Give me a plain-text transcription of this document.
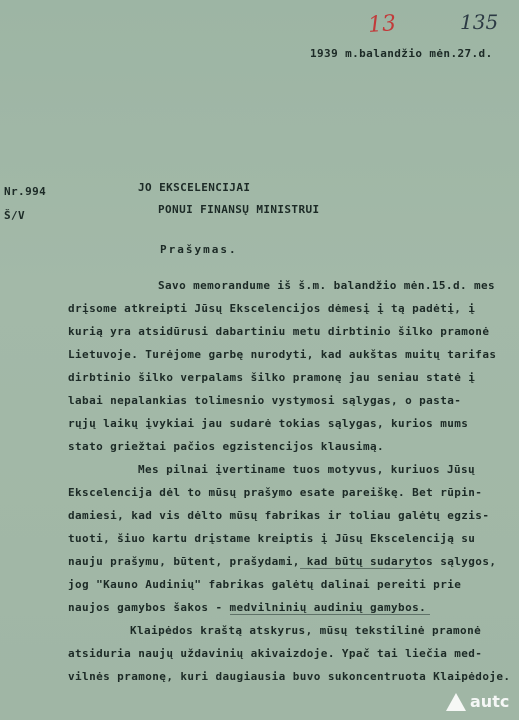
13	135
1939 m.balandžio mėn.27.d.
Nr.994
Š/V
JO EKSCELENCIJAI
PONUI FINANSŲ MINISTRUI
Prašymas.
Savo memorandume iš š.m. balandžio mėn.15.d. mes
drįsome atkreipti Jūsų Ekscelencijos dėmesį į tą padėtį, į
kurią yra atsidūrusi dabartiniu metu dirbtinio šilko pramonė
Lietuvoje. Turėjome garbę nurodyti, kad aukštas muitų tarifas
dirbtinio šilko verpalams šilko pramonę jau seniau statė į
labai nepalankias tolimesnio vystymosi sąlygas, o pasta-
rųjų laikų įvykiai jau sudarė tokias sąlygas, kurios mums
stato griežtai pačios egzistencijos klausimą.
Mes pilnai įvertiname tuos motyvus, kuriuos Jūsų
Ekscelencija dėl to mūsų prašymo esate pareiškę. Bet rūpin-
damiesi, kad vis dėlto mūsų fabrikas ir toliau galėtų egzis-
tuoti, šiuo kartu drįstame kreiptis į Jūsų Ekscelenciją su
nauju prašymu, būtent, prašydami, kad būtų sudarytos sąlygos,
jog "Kauno Audinių" fabrikas galėtų dalinai pereiti prie
naujos gamybos šakos - medvilninių audinių gamybos.
Klaipėdos kraštą atskyrus, mūsų tekstilinė pramonė
atsiduria naujų uždavinių akivaizdoje. Ypač tai liečia med-
vilnės pramonę, kuri daugiausia buvo sukoncentruota Klaipėdoje.
autc
